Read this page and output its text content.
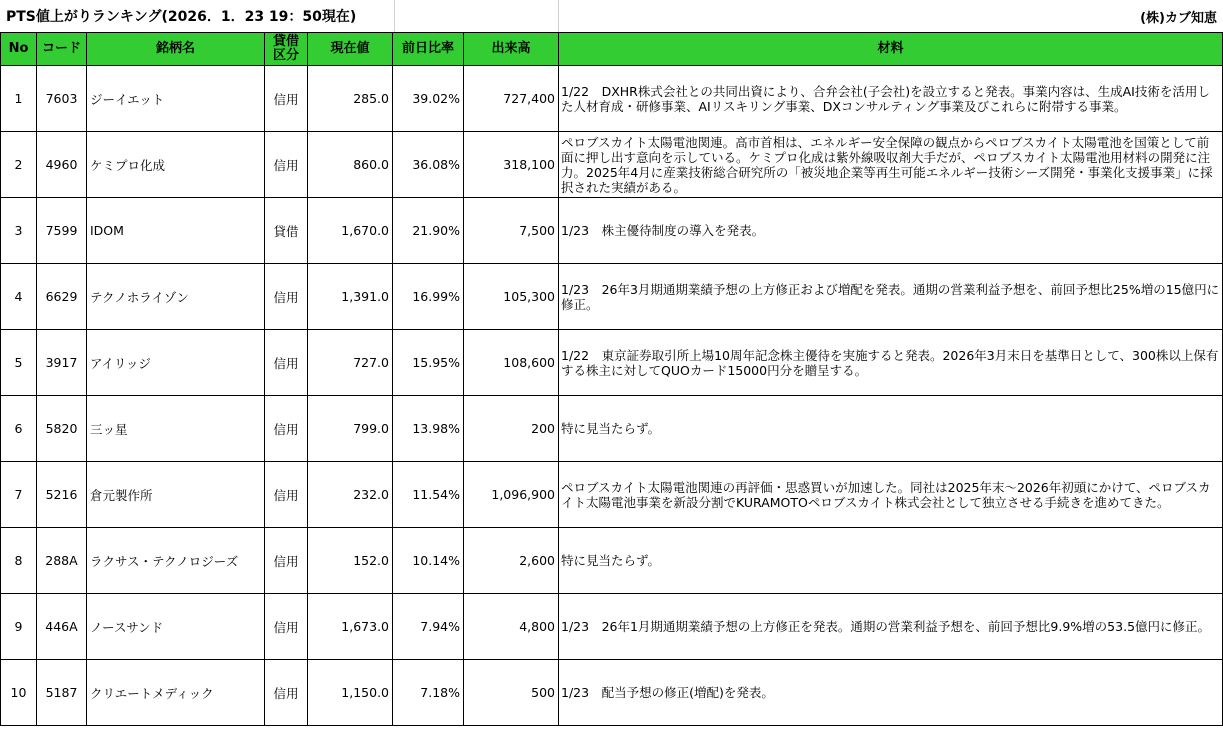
PTS値上がりランキング(2026．1．23 19：50現在)	(株)カブ知恵
No	コード	銘柄名	貸借区分	現在値	前日比率	出来高	材料
1	7603	ジーイエット	信用	285.0	39.02%	727,400	1/22　DXHR株式会社との共同出資により、合弁会社(子会社)を設立すると発表。事業内容は、生成AI技術を活用した人材育成・研修事業、AIリスキリング事業、DXコンサルティング事業及びこれらに附帯する事業。
2	4960	ケミプロ化成	信用	860.0	36.08%	318,100	ペロブスカイト太陽電池関連。高市首相は、エネルギー安全保障の観点からペロブスカイト太陽電池を国策として前面に押し出す意向を示している。ケミプロ化成は紫外線吸収剤大手だが、ペロブスカイト太陽電池用材料の開発に注力。2025年4月に産業技術総合研究所の「被災地企業等再生可能エネルギー技術シーズ開発・事業化支援事業」に採択された実績がある。
3	7599	IDOM	貸借	1,670.0	21.90%	7,500	1/23　株主優待制度の導入を発表。
4	6629	テクノホライゾン	信用	1,391.0	16.99%	105,300	1/23　26年3月期通期業績予想の上方修正および増配を発表。通期の営業利益予想を、前回予想比25%増の15億円に修正。
5	3917	アイリッジ	信用	727.0	15.95%	108,600	1/22　東京証券取引所上場10周年記念株主優待を実施すると発表。2026年3月末日を基準日として、300株以上保有する株主に対してQUOカード15000円分を贈呈する。
6	5820	三ッ星	信用	799.0	13.98%	200	特に見当たらず。
7	5216	倉元製作所	信用	232.0	11.54%	1,096,900	ペロブスカイト太陽電池関連の再評価・思惑買いが加速した。同社は2025年末～2026年初頭にかけて、ペロブスカイト太陽電池事業を新設分割でKURAMOTOペロブスカイト株式会社として独立させる手続きを進めてきた。
8	288A	ラクサス・テクノロジーズ	信用	152.0	10.14%	2,600	特に見当たらず。
9	446A	ノースサンド	信用	1,673.0	7.94%	4,800	1/23　26年1月期通期業績予想の上方修正を発表。通期の営業利益予想を、前回予想比9.9%増の53.5億円に修正。
10	5187	クリエートメディック	信用	1,150.0	7.18%	500	1/23　配当予想の修正(増配)を発表。
